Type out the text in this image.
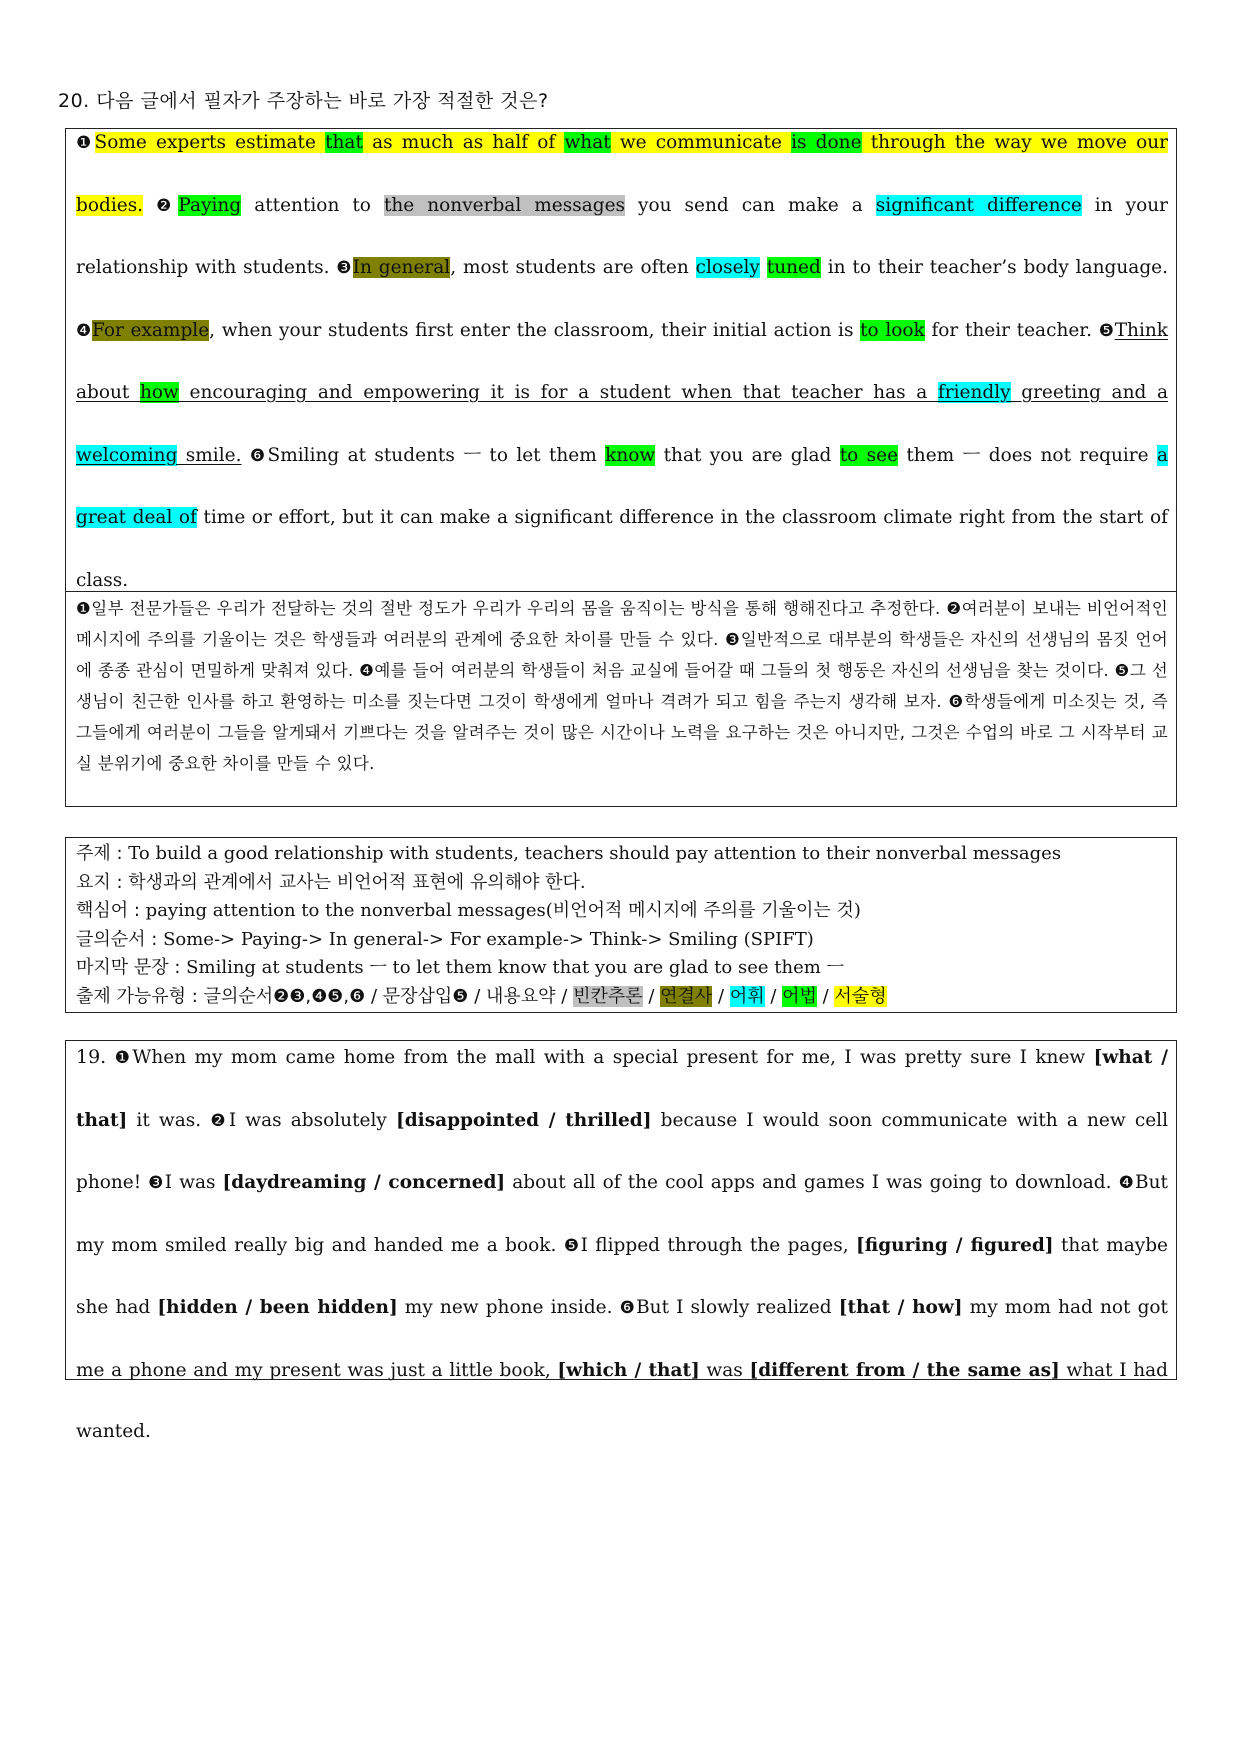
20. 다음 글에서 필자가 주장하는 바로 가장 적절한 것은?
❶Some experts estimate that as much as half of what we communicate is done through the way we move our bodies. ❷Paying attention to the nonverbal messages you send can make a significant difference in your relationship with students. ❸In general, most students are often closely tuned in to their teacher’s body language. ❹For example, when your students first enter the classroom, their initial action is to look for their teacher. ❺Think about how encouraging and empowering it is for a student when that teacher has a friendly greeting and a welcoming smile. ❻Smiling at students ㅡ to let them know that you are glad to see them ㅡ does not require a great deal of time or effort, but it can make a significant difference in the classroom climate right from the start of class.
❶일부 전문가들은 우리가 전달하는 것의 절반 정도가 우리가 우리의 몸을 움직이는 방식을 통해 행해진다고 추정한다. ❷여러분이 보내는 비언어적인 메시지에 주의를 기울이는 것은 학생들과 여러분의 관계에 중요한 차이를 만들 수 있다. ❸일반적으로 대부분의 학생들은 자신의 선생님의 몸짓 언어에 종종 관심이 면밀하게 맞춰져 있다. ❹예를 들어 여러분의 학생들이 처음 교실에 들어갈 때 그들의 첫 행동은 자신의 선생님을 찾는 것이다. ❺그 선생님이 친근한 인사를 하고 환영하는 미소를 짓는다면 그것이 학생에게 얼마나 격려가 되고 힘을 주는지 생각해 보자. ❻학생들에게 미소짓는 것, 즉 그들에게 여러분이 그들을 알게돼서 기쁘다는 것을 알려주는 것이 많은 시간이나 노력을 요구하는 것은 아니지만, 그것은 수업의 바로 그 시작부터 교실 분위기에 중요한 차이를 만들 수 있다.
주제 : To build a good relationship with students, teachers should pay attention to their nonverbal messages
요지 : 학생과의 관계에서 교사는 비언어적 표현에 유의해야 한다.
핵심어 : paying attention to the nonverbal messages(비언어적 메시지에 주의를 기울이는 것)
글의순서 : Some-> Paying-> In general-> For example-> Think-> Smiling (SPIFT)
마지막 문장 : Smiling at students ㅡ to let them know that you are glad to see them ㅡ
출제 가능유형 : 글의순서❷❸,❹❺,❻ / 문장삽입❺ / 내용요약 / 빈칸추론 / 연결사 / 어휘 / 어법 / 서술형
19. ❶When my mom came home from the mall with a special present for me, I was pretty sure I knew [what / that] it was. ❷I was absolutely [disappointed / thrilled] because I would soon communicate with a new cell phone! ❸I was [daydreaming / concerned] about all of the cool apps and games I was going to download. ❹But my mom smiled really big and handed me a book. ❺I flipped through the pages, [figuring / figured] that maybe she had [hidden / been hidden] my new phone inside. ❻But I slowly realized [that / how] my mom had not got me a phone and my present was just a little book, [which / that] was [different from / the same as] what I had wanted.
